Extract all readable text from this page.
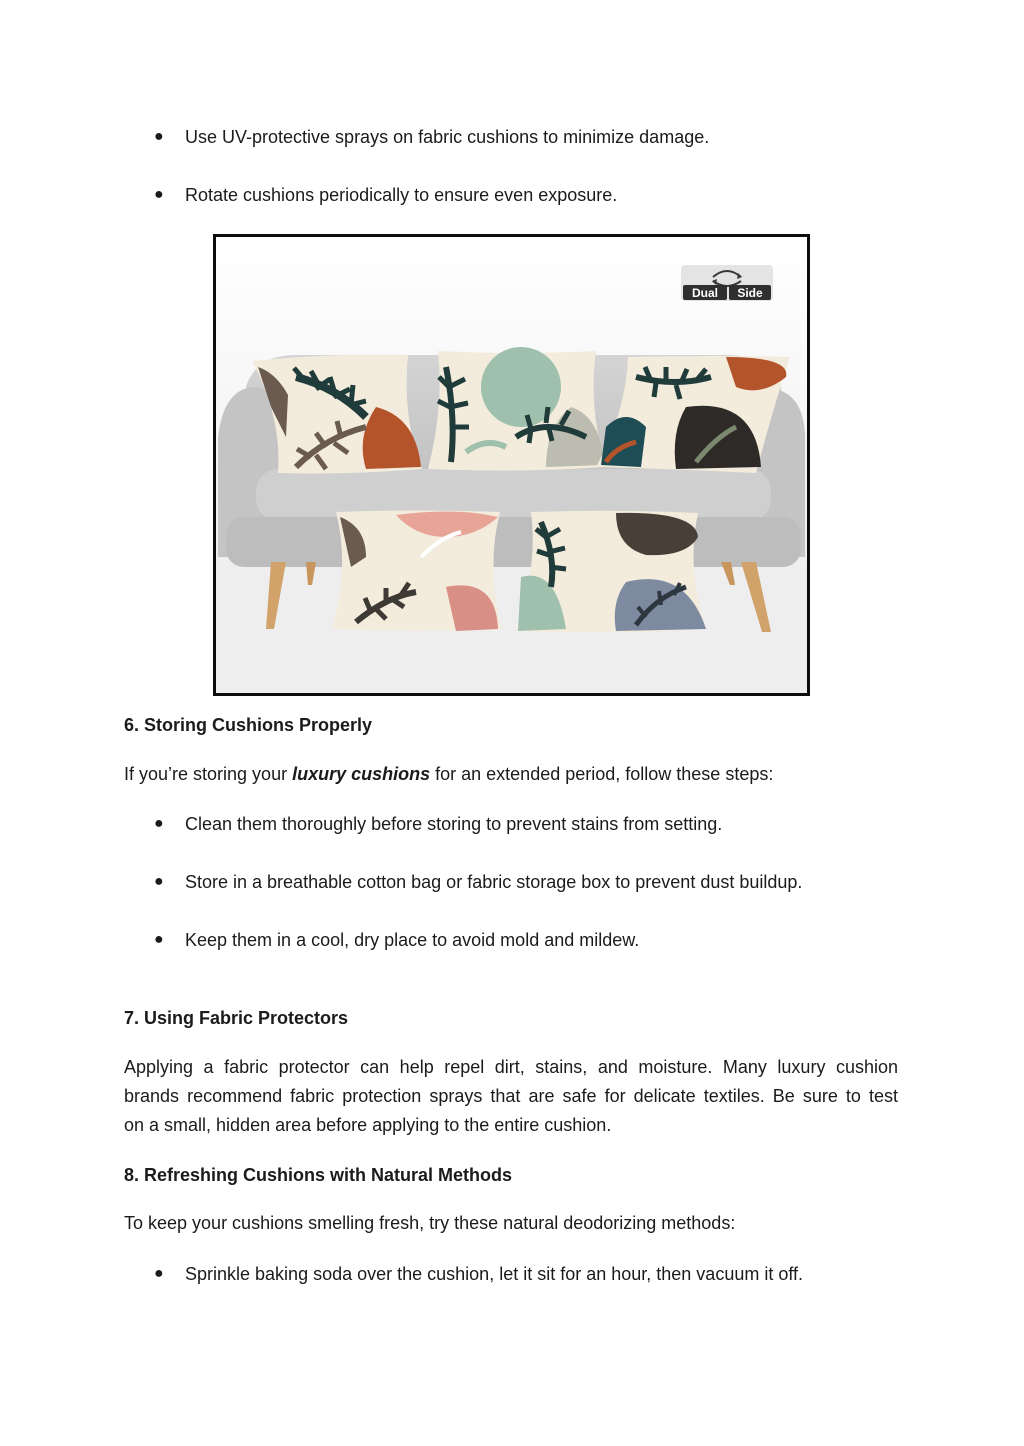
● Use UV-protective sprays on fabric cushions to minimize damage.
● Rotate cushions periodically to ensure even exposure.
Dual Side
6. Storing Cushions Properly
If you’re storing your luxury cushions for an extended period, follow these steps:
● Clean them thoroughly before storing to prevent stains from setting.
● Store in a breathable cotton bag or fabric storage box to prevent dust buildup.
● Keep them in a cool, dry place to avoid mold and mildew.
7. Using Fabric Protectors
Applying a fabric protector can help repel dirt, stains, and moisture. Many luxury cushion
brands recommend fabric protection sprays that are safe for delicate textiles. Be sure to test
on a small, hidden area before applying to the entire cushion.
8. Refreshing Cushions with Natural Methods
To keep your cushions smelling fresh, try these natural deodorizing methods:
● Sprinkle baking soda over the cushion, let it sit for an hour, then vacuum it off.
